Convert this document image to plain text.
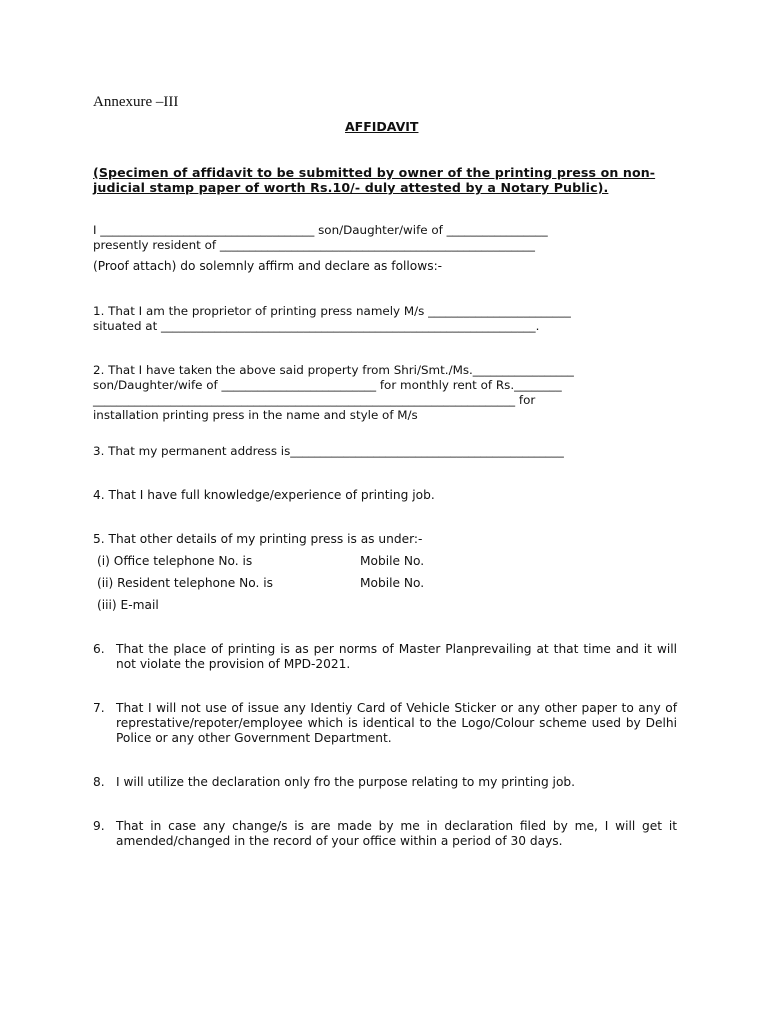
Annexure –III
AFFIDAVIT
(Specimen of affidavit to be submitted by owner of the printing press on non-
judicial stamp paper of worth Rs.10/- duly attested by a Notary Public).
I ____________________________________ son/Daughter/wife of _________________
presently resident of _____________________________________________________
(Proof attach) do solemnly affirm and declare as follows:-
1. That I am the proprietor of printing press namely M/s ________________________
situated at _______________________________________________________________.
2. That I have taken the above said property from Shri/Smt./Ms._________________
son/Daughter/wife of __________________________ for monthly rent of Rs.________
_______________________________________________________________________ for
installation printing press in the name and style of M/s
3. That my permanent address is______________________________________________
4. That I have full knowledge/experience of printing job.
5. That other details of my printing press is as under:-
(i) Office telephone No. is	Mobile No.
(ii) Resident telephone No. is	Mobile No.
(iii) E-mail
6. That the place of printing is as per norms of Master Planprevailing at that time and it will not violate the provision of MPD-2021.
7. That I will not use of issue any Identiy Card of Vehicle Sticker or any other paper to any of represtative/repoter/employee which is identical to the Logo/Colour scheme used by Delhi Police or any other Government Department.
8. I will utilize the declaration only fro the purpose relating to my printing job.
9. That in case any change/s is are made by me in declaration filed by me, I will get it amended/changed in the record of your office within a period of 30 days.
